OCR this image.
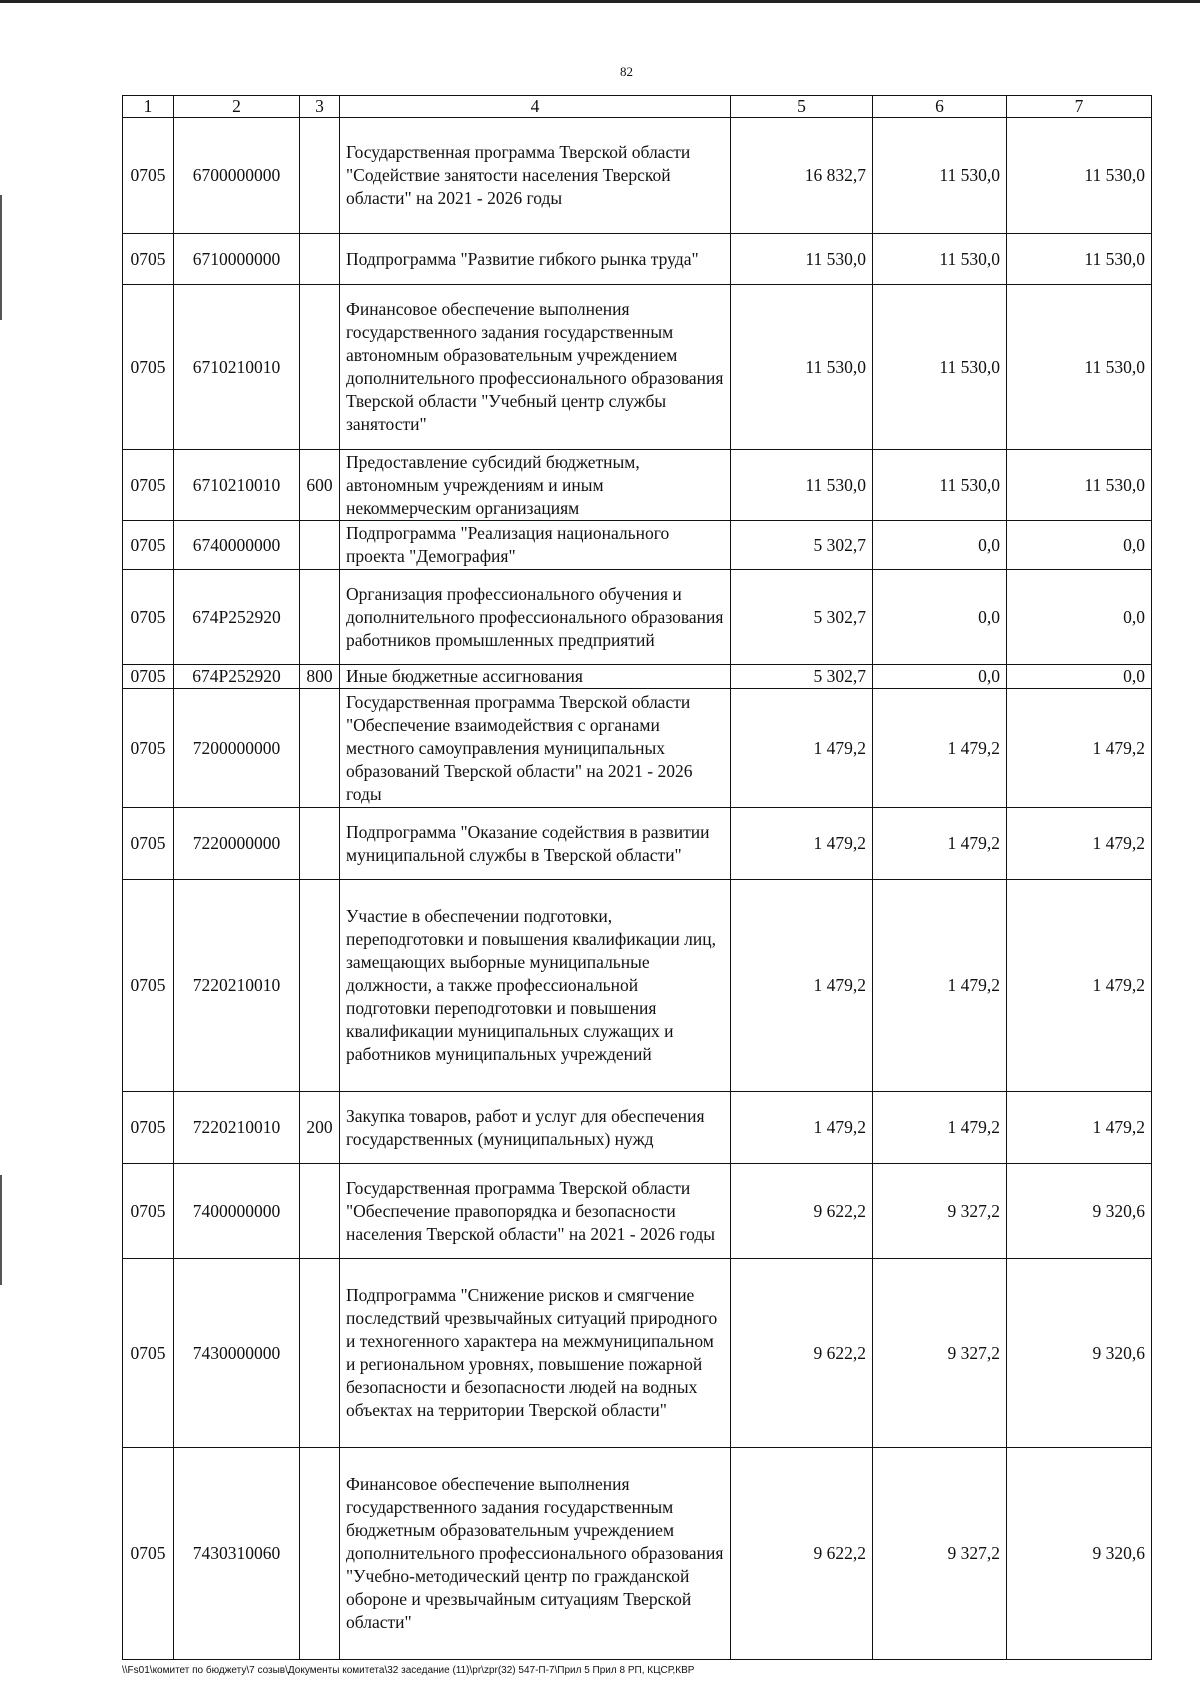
82
1	2	3	4	5	6	7
0705	6700000000		Государственная программа Тверской области "Содействие занятости населения Тверской области" на 2021 - 2026 годы	16 832,7	11 530,0	11 530,0
0705	6710000000		Подпрограмма "Развитие гибкого рынка труда"	11 530,0	11 530,0	11 530,0
0705	6710210010		Финансовое обеспечение выполнения государственного задания государственным автономным образовательным учреждением дополнительного профессионального образования Тверской области "Учебный центр службы занятости"	11 530,0	11 530,0	11 530,0
0705	6710210010	600	Предоставление субсидий бюджетным, автономным учреждениям и иным некоммерческим организациям	11 530,0	11 530,0	11 530,0
0705	6740000000		Подпрограмма "Реализация национального проекта "Демография"	5 302,7	0,0	0,0
0705	674P252920		Организация профессионального обучения и дополнительного профессионального образования работников промышленных предприятий	5 302,7	0,0	0,0
0705	674P252920	800	Иные бюджетные ассигнования	5 302,7	0,0	0,0
0705	7200000000		Государственная программа Тверской области "Обеспечение взаимодействия с органами местного самоуправления муниципальных образований Тверской области" на 2021 - 2026 годы	1 479,2	1 479,2	1 479,2
0705	7220000000		Подпрограмма "Оказание содействия в развитии муниципальной службы в Тверской области"	1 479,2	1 479,2	1 479,2
0705	7220210010		Участие в обеспечении подготовки, переподготовки и повышения квалификации лиц, замещающих выборные муниципальные должности, а также профессиональной подготовки переподготовки и повышения квалификации муниципальных служащих и работников муниципальных учреждений	1 479,2	1 479,2	1 479,2
0705	7220210010	200	Закупка товаров, работ и услуг для обеспечения государственных (муниципальных) нужд	1 479,2	1 479,2	1 479,2
0705	7400000000		Государственная программа Тверской области "Обеспечение правопорядка и безопасности населения Тверской области" на 2021 - 2026 годы	9 622,2	9 327,2	9 320,6
0705	7430000000		Подпрограмма "Снижение рисков и смягчение последствий чрезвычайных ситуаций природного и техногенного характера на межмуниципальном и региональном уровнях, повышение пожарной безопасности и безопасности людей на водных объектах на территории Тверской области"	9 622,2	9 327,2	9 320,6
0705	7430310060		Финансовое обеспечение выполнения государственного задания государственным бюджетным образовательным учреждением дополнительного профессионального образования "Учебно-методический центр по гражданской обороне и чрезвычайным ситуациям Тверской области"	9 622,2	9 327,2	9 320,6
\\Fs01\комитет по бюджету\7 созыв\Документы комитета\32 заседание (11)\pr\zpr(32) 547-П-7\Прил 5 Прил 8 РП, КЦСР,КВР
